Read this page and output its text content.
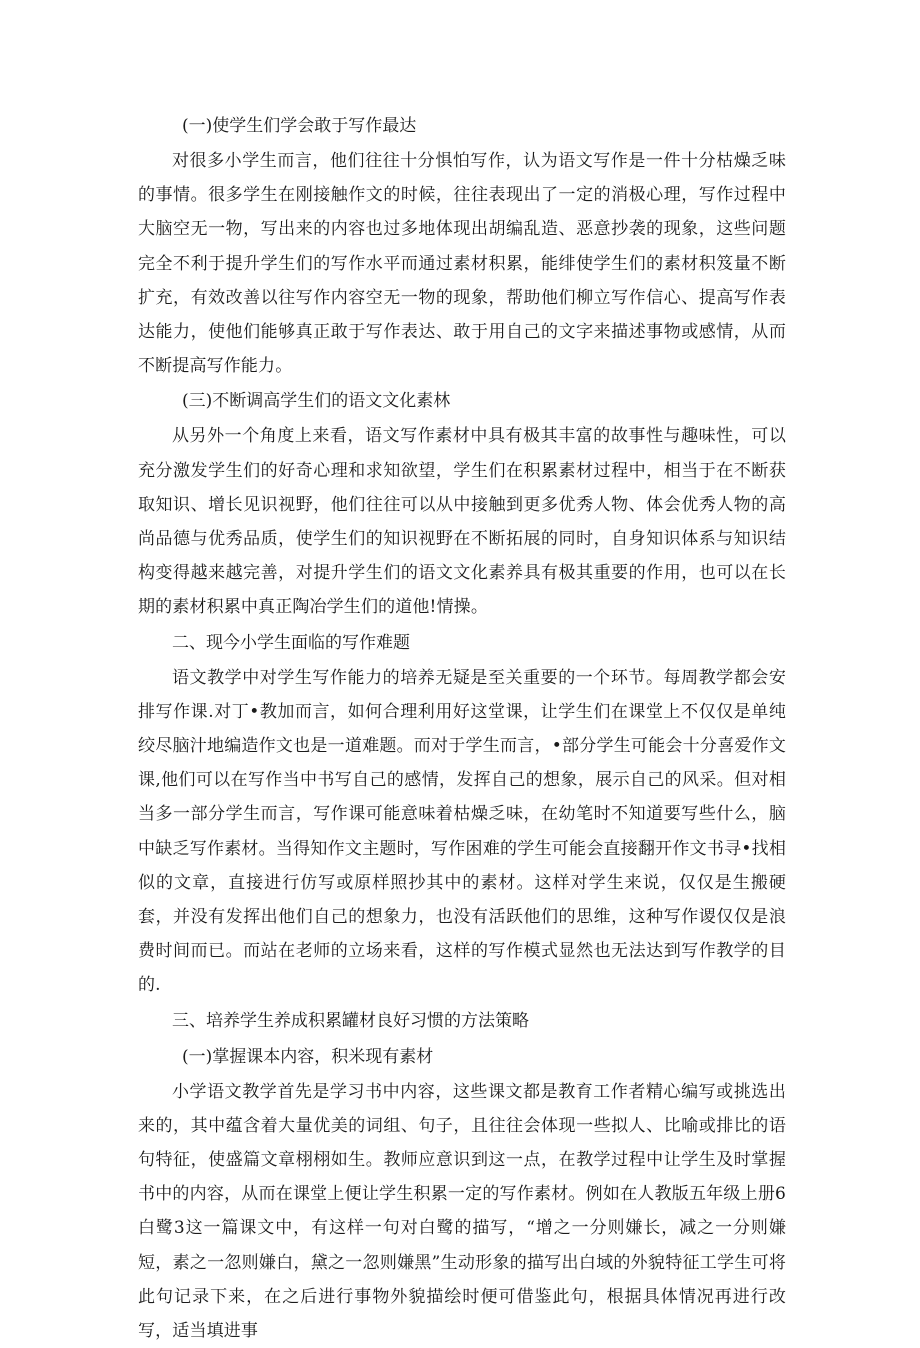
(一)使学生们学会敢于写作最达

对很多小学生而言，他们往往十分惧怕写作，认为语文写作是一件十分枯燥乏味的事情。很多学生在刚接触作文的时候，往往表现出了一定的消极心理，写作过程中大脑空无一物，写出来的内容也过多地体现出胡编乱造、恶意抄袭的现象，这些问题完全不利于提升学生们的写作水平而通过素材积累，能绯使学生们的素材积笈量不断扩充，有效改善以往写作内容空无一物的现象，帮助他们柳立写作信心、提高写作表达能力，使他们能够真正敢于写作表达、敢于用自己的文字来描述事物或感情，从而不断提高写作能力。

(三)不断调高学生们的语文文化素林

从另外一个角度上来看，语文写作素材中具有极其丰富的故事性与趣味性，可以充分激发学生们的好奇心理和求知欲望，学生们在积累素材过程中，相当于在不断获取知识、增长见识视野，他们往往可以从中接触到更多优秀人物、体会优秀人物的高尚品德与优秀品质，使学生们的知识视野在不断拓展的同时，自身知识体系与知识结构变得越来越完善，对提升学生们的语文文化素养具有极其重要的作用，也可以在长期的素材积累中真正陶冶学生们的道他!情操。

二、现今小学生面临的写作难题

语文教学中对学生写作能力的培养无疑是至关重要的一个环节。每周教学都会安排写作课.对丁•教加而言，如何合理利用好这堂课，让学生们在课堂上不仅仅是单纯绞尽脑汁地编造作文也是一道难题。而对于学生而言，•部分学生可能会十分喜爱作文课,他们可以在写作当中书写自己的感情，发挥自己的想象，展示自己的风采。但对相当多一部分学生而言，写作课可能意味着枯燥乏味，在幼笔时不知道要写些什么，脑中缺乏写作素材。当得知作文主题时，写作困难的学生可能会直接翻开作文书寻•找相似的文章，直接进行仿写或原样照抄其中的素材。这样对学生来说，仅仅是生搬硬套，并没有发挥出他们自己的想象力，也没有活跃他们的思维，这种写作谡仅仅是浪费时间而已。而站在老师的立场来看，这样的写作模式显然也无法达到写作教学的目的.

三、培养学生养成积累罐材良好习惯的方法策略
(一)掌握课本内容，积米现有素材

小学语文教学首先是学习书中内容，这些课文都是教育工作者精心编写或挑选出来的，其中蕴含着大量优美的词组、句子，且往往会体现一些拟人、比喻或排比的语句特征，使盛篇文章栩栩如生。教师应意识到这一点，在教学过程中让学生及时掌握书中的内容，从而在课堂上便让学生积累一定的写作素材。例如在人教版五年级上册6白鹭3这一篇课文中，有这样一句对白鹭的描写，“增之一分则嫌长，减之一分则嫌短，素之一忽则嫌白，黛之一忽则嫌黑”生动形象的描写出白域的外貌特征工学生可将此句记录下来，在之后进行事物外貌描绘时便可借鉴此句，根据具体情况再进行改写，适当填进事
